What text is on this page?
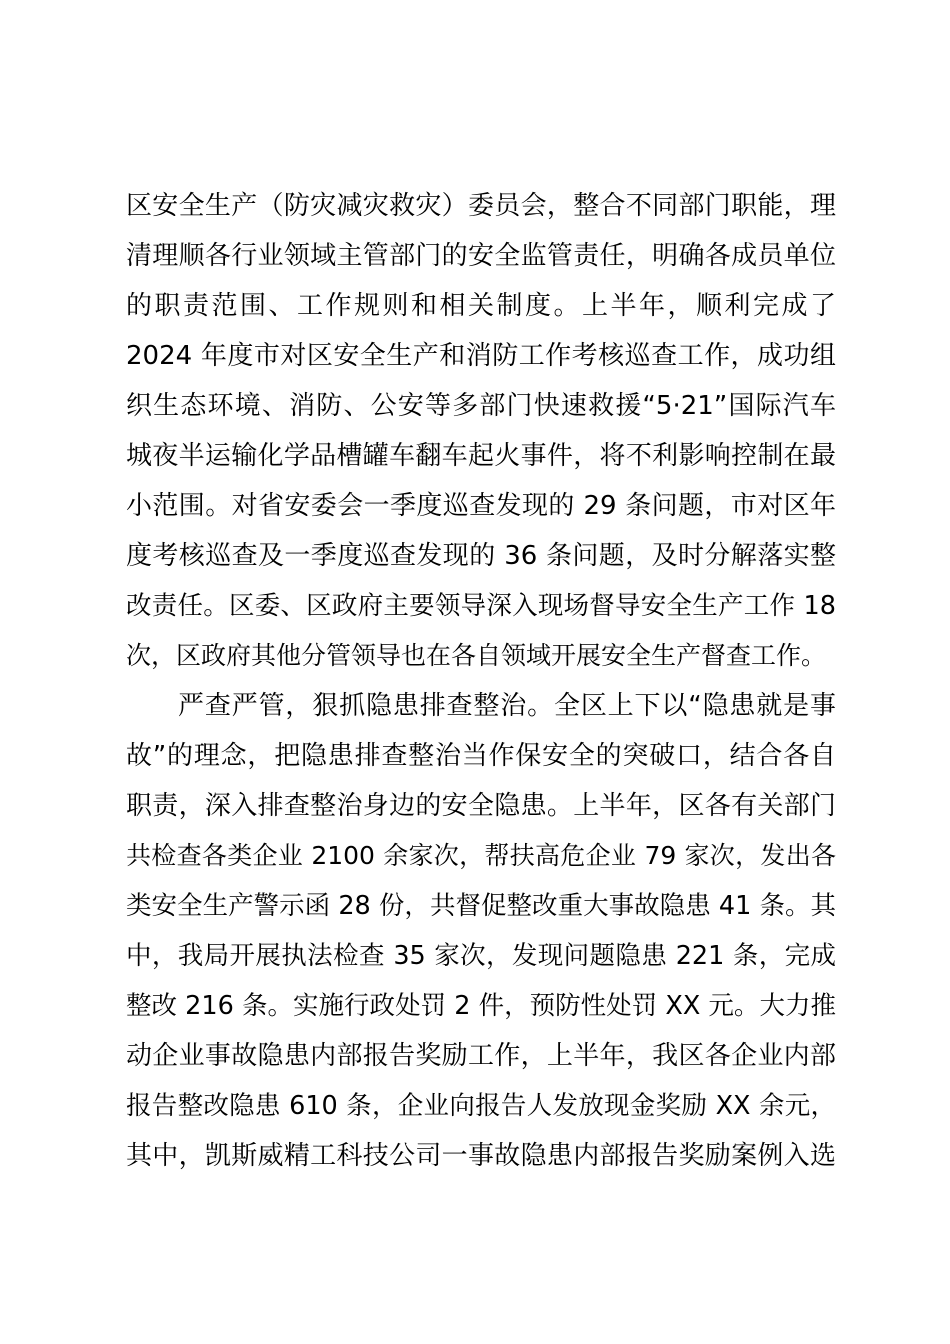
区安全生产（防灾减灾救灾）委员会，整合不同部门职能，理
清理顺各行业领域主管部门的安全监管责任，明确各成员单位
的职责范围、工作规则和相关制度。上半年，顺利完成了
2024 年度市对区安全生产和消防工作考核巡查工作，成功组
织生态环境、消防、公安等多部门快速救援“5·21”国际汽车
城夜半运输化学品槽罐车翻车起火事件，将不利影响控制在最
小范围。对省安委会一季度巡查发现的 29 条问题，市对区年
度考核巡查及一季度巡查发现的 36 条问题，及时分解落实整
改责任。区委、区政府主要领导深入现场督导安全生产工作 18
次，区政府其他分管领导也在各自领域开展安全生产督查工作。
严查严管，狠抓隐患排查整治。全区上下以“隐患就是事
故”的理念，把隐患排查整治当作保安全的突破口，结合各自
职责，深入排查整治身边的安全隐患。上半年，区各有关部门
共检查各类企业 2100 余家次，帮扶高危企业 79 家次，发出各
类安全生产警示函 28 份，共督促整改重大事故隐患 41 条。其
中，我局开展执法检查 35 家次，发现问题隐患 221 条，完成
整改 216 条。实施行政处罚 2 件，预防性处罚 XX 元。大力推
动企业事故隐患内部报告奖励工作，上半年，我区各企业内部
报告整改隐患 610 条，企业向报告人发放现金奖励 XX 余元，
其中，凯斯威精工科技公司一事故隐患内部报告奖励案例入选
